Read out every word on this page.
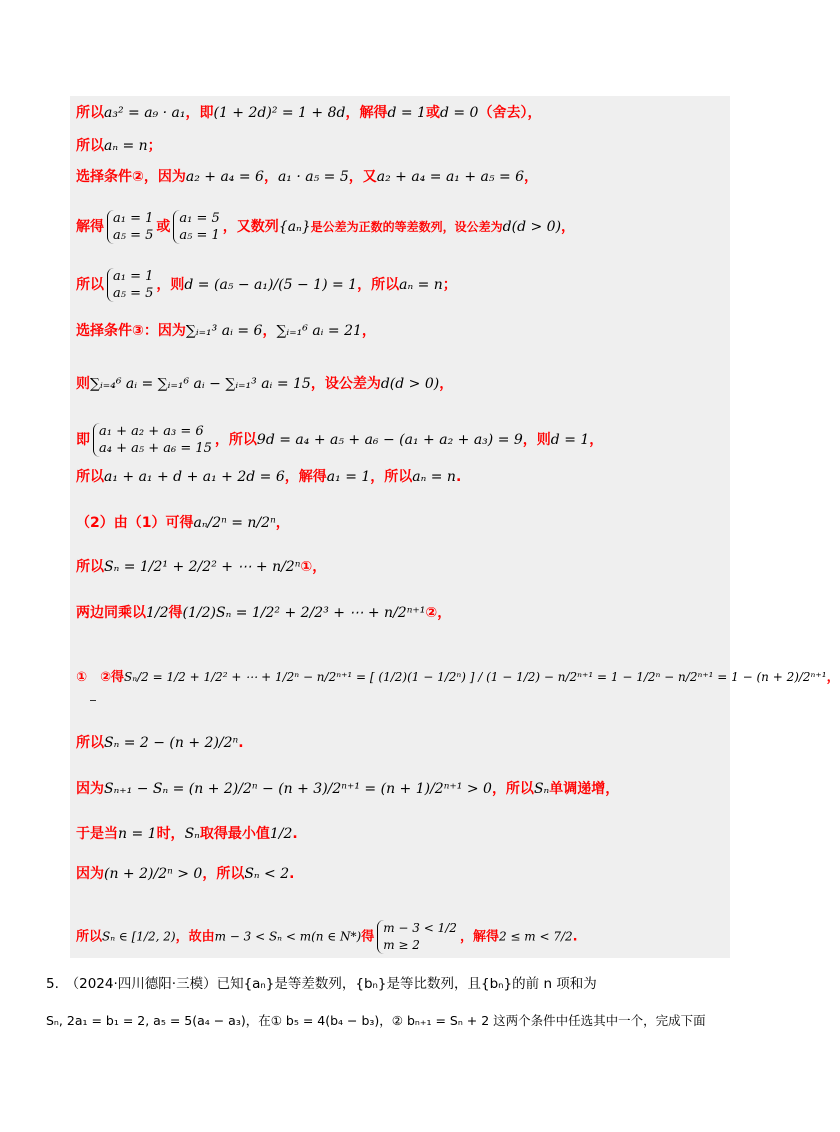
所以a₃² = a₉ · a₁，即(1 + 2d)² = 1 + 8d，解得d = 1或d = 0（舍去），
所以aₙ = n；
选择条件②，因为a₂ + a₄ = 6，a₁ · a₅ = 5，又a₂ + a₄ = a₁ + a₅ = 6，
解得
a₁ = 1
a₅ = 5
或
a₁ = 5
a₅ = 1
，又数列{aₙ}是公差为正数的等差数列，设公差为d(d > 0)，
所以
a₁ = 1
a₅ = 5
，则d = (a₅ − a₁)/(5 − 1) = 1，所以aₙ = n；
选择条件③：因为∑ᵢ₌₁³ aᵢ = 6，∑ᵢ₌₁⁶ aᵢ = 21，
则∑ᵢ₌₄⁶ aᵢ = ∑ᵢ₌₁⁶ aᵢ − ∑ᵢ₌₁³ aᵢ = 15，设公差为d(d > 0)，
即
a₁ + a₂ + a₃ = 6
a₄ + a₅ + a₆ = 15
，所以9d = a₄ + a₅ + a₆ − (a₁ + a₂ + a₃) = 9，则d = 1，
所以a₁ + a₁ + d + a₁ + 2d = 6，解得a₁ = 1，所以aₙ = n.
（2）由（1）可得aₙ/2ⁿ = n/2ⁿ，
所以Sₙ = 1/2¹ + 2/2² + ⋯ + n/2ⁿ①，
两边同乘以1/2得(1/2)Sₙ = 1/2² + 2/2³ + ⋯ + n/2ⁿ⁺¹②，
①　②得Sₙ/2 = 1/2 + 1/2² + ⋯ + 1/2ⁿ − n/2ⁿ⁺¹ = [ (1/2)(1 − 1/2ⁿ) ] / (1 − 1/2) − n/2ⁿ⁺¹ = 1 − 1/2ⁿ − n/2ⁿ⁺¹ = 1 − (n + 2)/2ⁿ⁺¹，
所以Sₙ = 2 − (n + 2)/2ⁿ.
因为Sₙ₊₁ − Sₙ = (n + 2)/2ⁿ − (n + 3)/2ⁿ⁺¹ = (n + 1)/2ⁿ⁺¹ > 0，所以Sₙ单调递增，
于是当n = 1时，Sₙ取得最小值1/2.
因为(n + 2)/2ⁿ > 0，所以Sₙ < 2.
所以Sₙ ∈ [1/2, 2)，故由m − 3 < Sₙ < m(n ∈ N*)得
m − 3 < 1/2
m ≥ 2
，解得2 ≤ m < 7/2.
5.　（2024·四川德阳·三模）已知{aₙ}是等差数列，{bₙ}是等比数列，且{bₙ}的前 n 项和为
Sₙ, 2a₁ = b₁ = 2, a₅ = 5(a₄ − a₃)，在① b₅ = 4(b₄ − b₃)，② bₙ₊₁ = Sₙ + 2 这两个条件中任选其中一个，完成下面
